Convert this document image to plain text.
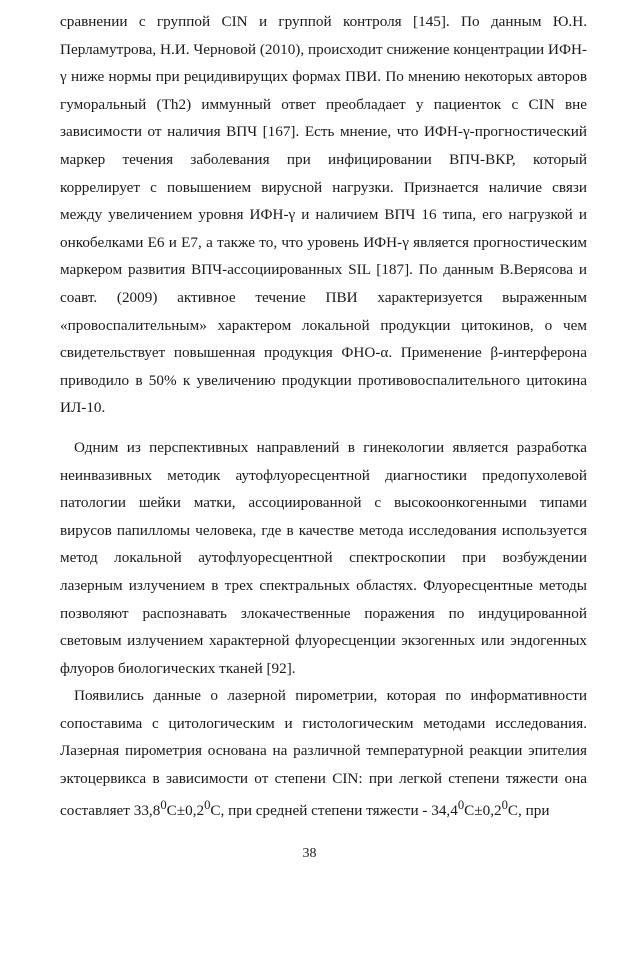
сравнении с группой CIN и группой контроля [145]. По данным Ю.Н. Перламутрова, Н.И. Черновой (2010), происходит снижение концентрации ИФН-γ ниже нормы при рецидивирущих формах ПВИ. По мнению некоторых авторов гуморальный (Th2) иммунный ответ преобладает у пациенток с CIN вне зависимости от наличия ВПЧ [167]. Есть мнение, что ИФН-γ-прогностический маркер течения заболевания при инфицировании ВПЧ-ВКР, который коррелирует с повышением вирусной нагрузки. Признается наличие связи между увеличением уровня ИФН-γ и наличием ВПЧ 16 типа, его нагрузкой и онкобелками Е6 и Е7, а также то, что уровень ИФН-γ является прогностическим маркером развития ВПЧ-ассоциированных SIL [187]. По данным В.Верясова и соавт. (2009) активное течение ПВИ характеризуется выраженным «провоспалительным» характером локальной продукции цитокинов, о чем свидетельствует повышенная продукция ФНО-α. Применение β-интерферона приводило в 50% к увеличению продукции противовоспалительного цитокина ИЛ-10.

Одним из перспективных направлений в гинекологии является разработка неинвазивных методик аутофлуоресцентной диагностики предопухолевой патологии шейки матки, ассоциированной с высокоонкогенными типами вирусов папилломы человека, где в качестве метода исследования используется метод локальной аутофлуоресцентной спектроскопии при возбуждении лазерным излучением в трех спектральных областях. Флуоресцентные методы позволяют распознавать злокачественные поражения по индуцированной световым излучением характерной флуоресценции экзогенных или эндогенных флуоров биологических тканей [92].

Появились данные о лазерной пирометрии, которая по информативности сопоставима с цитологическим и гистологическим методами исследования. Лазерная пирометрия основана на различной температурной реакции эпителия эктоцервикса в зависимости от степени CIN: при легкой степени тяжести она составляет $33,8^0С\pm 0,2^0С$, при средней степени тяжести - $34,4^0С\pm 0,2^0С$, при

38
